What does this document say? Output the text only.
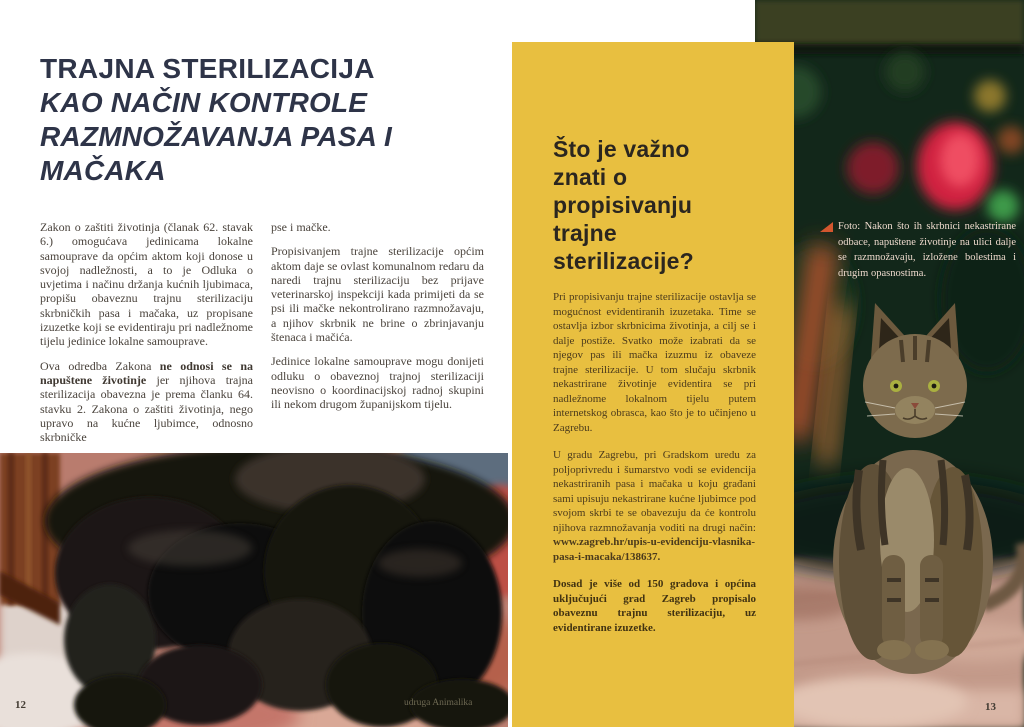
TRAJNA STERILIZACIJA
KAO NAČIN KONTROLE RAZMNOŽAVANJA PASA I MAČAKA

Zakon o zaštiti životinja (članak 62. stavak 6.) omogućava jedinicama lokalne samouprave da općim aktom koji donose u svojoj nadležnosti, a to je Odluka o uvjetima i načinu držanja kućnih ljubimaca, propišu obaveznu trajnu sterilizaciju skrbničkih pasa i mačaka, uz propisane izuzetke koji se evidentiraju pri nadležnome tijelu jedinice lokalne samouprave.

Ova odredba Zakona ne odnosi se na napuštene životinje jer njihova trajna sterilizacija obavezna je prema članku 64. stavku 2. Zakona o zaštiti životinja, nego upravo na kućne ljubimce, odnosno skrbničke

pse i mačke.

Propisivanjem trajne sterilizacije općim aktom daje se ovlast komunalnom redaru da naredi trajnu sterilizaciju bez prijave veterinarskoj inspekciji kada primijeti da se psi ili mačke nekontrolirano razmnožavaju, a njihov skrbnik ne brine o zbrinjavanju štenaca i mačića.

Jedinice lokalne samouprave mogu donijeti odluku o obaveznoj trajnoj sterilizaciji neovisno o koordinacijskoj radnoj skupini ili nekom drugom županijskom tijelu.

udruga Animalika
12
Foto: Nakon što ih skrbnici nekastrirane odbace, napuštene životinje na ulici dalje se razmnožavaju, izložene bolestima i drugim opasnostima.
Što je važno znati o propisivanju trajne sterilizacije?

Pri propisivanju trajne sterilizacije ostavlja se mogućnost evidentiranih izuzetaka. Time se ostavlja izbor skrbnicima životinja, a cilj se i dalje postiže. Svatko može izabrati da se njegov pas ili mačka izuzmu iz obaveze trajne sterilizacije. U tom slučaju skrbnik nekastrirane životinje evidentira se pri nadležnome lokalnom tijelu putem internetskog obrasca, kao što je to učinjeno u Zagrebu.

U gradu Zagrebu, pri Gradskom uredu za poljoprivredu i šumarstvo vodi se evidencija nekastriranih pasa i mačaka u koju građani sami upisuju nekastrirane kućne ljubimce pod svojom skrbi te se obavezuju da će kontrolu njihova razmnožavanja voditi na drugi način: www.zagreb.hr/upis-u-evidenciju-vlasnika-pasa-i-macaka/138637.

Dosad je više od 150 gradova i općina uključujući grad Zagreb propisalo obaveznu trajnu sterilizaciju, uz evidentirane izuzetke.

13
